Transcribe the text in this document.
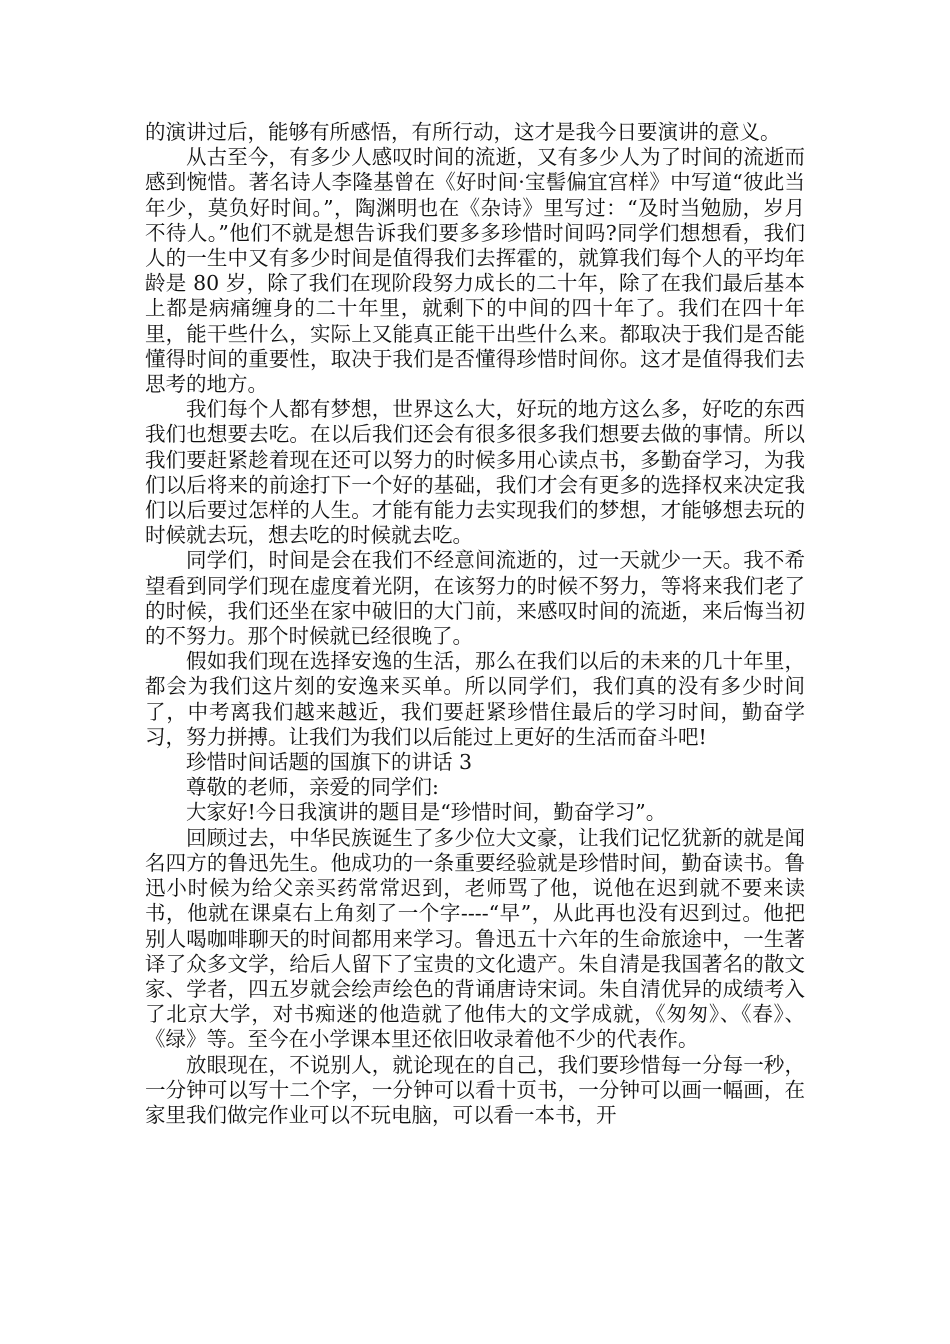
的演讲过后，能够有所感悟，有所行动，这才是我今日要演讲的意义。

从古至今，有多少人感叹时间的流逝，又有多少人为了时间的流逝而感到惋惜。著名诗人李隆基曾在《好时间·宝髻偏宜宫样》中写道“彼此当年少，莫负好时间。”，陶渊明也在《杂诗》里写过：“及时当勉励，岁月不待人。”他们不就是想告诉我们要多多珍惜时间吗?同学们想想看，我们人的一生中又有多少时间是值得我们去挥霍的，就算我们每个人的平均年龄是 80 岁，除了我们在现阶段努力成长的二十年，除了在我们最后基本上都是病痛缠身的二十年里，就剩下的中间的四十年了。我们在四十年里，能干些什么，实际上又能真正能干出些什么来。都取决于我们是否能懂得时间的重要性，取决于我们是否懂得珍惜时间你。这才是值得我们去思考的地方。

我们每个人都有梦想，世界这么大，好玩的地方这么多，好吃的东西我们也想要去吃。在以后我们还会有很多很多我们想要去做的事情。所以我们要赶紧趁着现在还可以努力的时候多用心读点书，多勤奋学习，为我们以后将来的前途打下一个好的基础，我们才会有更多的选择权来决定我们以后要过怎样的人生。才能有能力去实现我们的梦想，才能够想去玩的时候就去玩，想去吃的时候就去吃。

同学们，时间是会在我们不经意间流逝的，过一天就少一天。我不希望看到同学们现在虚度着光阴，在该努力的时候不努力，等将来我们老了的时候，我们还坐在家中破旧的大门前，来感叹时间的流逝，来后悔当初的不努力。那个时候就已经很晚了。

假如我们现在选择安逸的生活，那么在我们以后的未来的几十年里，都会为我们这片刻的安逸来买单。所以同学们，我们真的没有多少时间了，中考离我们越来越近，我们要赶紧珍惜住最后的学习时间，勤奋学习，努力拼搏。让我们为我们以后能过上更好的生活而奋斗吧!

珍惜时间话题的国旗下的讲话 3

尊敬的老师，亲爱的同学们:

大家好!今日我演讲的题目是“珍惜时间，勤奋学习”。

回顾过去，中华民族诞生了多少位大文豪，让我们记忆犹新的就是闻名四方的鲁迅先生。他成功的一条重要经验就是珍惜时间，勤奋读书。鲁迅小时候为给父亲买药常常迟到，老师骂了他，说他在迟到就不要来读书，他就在课桌右上角刻了一个字----“早”，从此再也没有迟到过。他把别人喝咖啡聊天的时间都用来学习。鲁迅五十六年的生命旅途中，一生著译了众多文学，给后人留下了宝贵的文化遗产。朱自清是我国著名的散文家、学者，四五岁就会绘声绘色的背诵唐诗宋词。朱自清优异的成绩考入了北京大学，对书痴迷的他造就了他伟大的文学成就，《匆匆》、《春》、《绿》等。至今在小学课本里还依旧收录着他不少的代表作。

放眼现在，不说别人，就论现在的自己，我们要珍惜每一分每一秒，一分钟可以写十二个字，一分钟可以看十页书，一分钟可以画一幅画，在家里我们做完作业可以不玩电脑，可以看一本书，开
